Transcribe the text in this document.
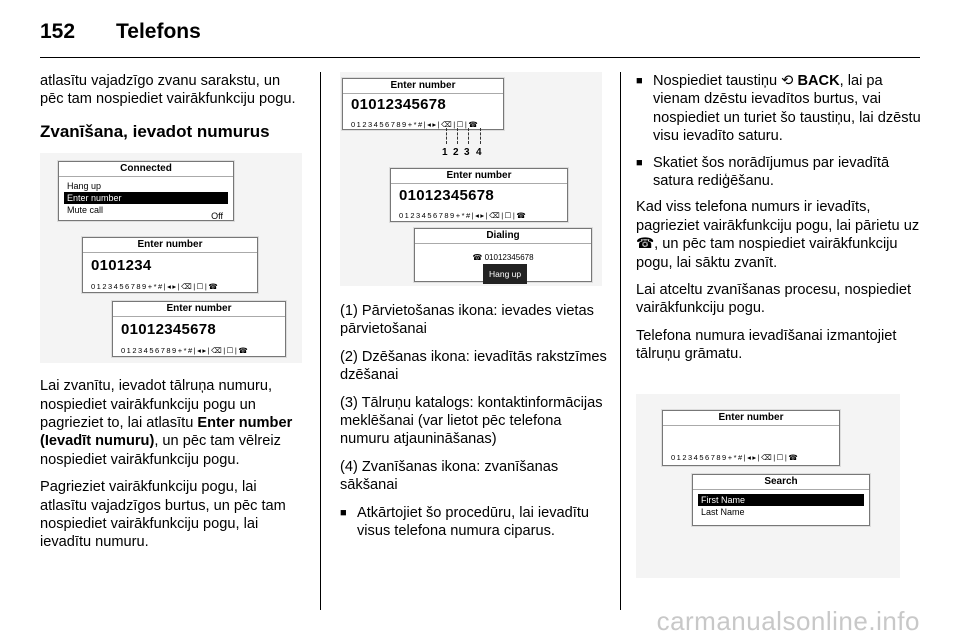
152 Telefons

atlasītu vajadzīgo zvanu sarakstu, un pēc tam nospiediet vairākfunkciju pogu.

Zvanīšana, ievadot numurus
Connected
Hang up
Enter number
Mute call
Off
Enter number
0101234
0123456789+*#|◂▸|⌫|☐|☎
Enter number
01012345678
0123456789+*#|◂▸|⌫|☐|☎

Lai zvanītu, ievadot tālruņa numuru, nospiediet vairākfunkciju pogu un pagrieziet to, lai atlasītu Enter number (Ievadīt numuru), un pēc tam vēlreiz nospiediet vairākfunkciju pogu.

Pagrieziet vairākfunkciju pogu, lai atlasītu vajadzīgos burtus, un pēc tam nospiediet vairākfunkciju pogu, lai ievadītu numuru.

Enter number
01012345678
0123456789+*#|◂▸|⌫|☐|☎
1 2 3 4
Enter number
01012345678
0123456789+*#|◂▸|⌫|☐|☎
Dialing
☎ 01012345678
Hang up

(1) Pārvietošanas ikona: ievades vietas pārvietošanai

(2) Dzēšanas ikona: ievadītās rakstzīmes dzēšanai

(3) Tālruņu katalogs: kontaktinformācijas meklēšanai (var lietot pēc telefona numuru atjaunināšanas)

(4) Zvanīšanas ikona: zvanīšanas sākšanai

■ Atkārtojiet šo procedūru, lai ievadītu visus telefona numura ciparus.
■ Nospiediet taustiņu ⟲ BACK, lai pa vienam dzēstu ievadītos burtus, vai nospiediet un turiet šo taustiņu, lai dzēstu visu ievadīto saturu.
■ Skatiet šos norādījumus par ievadītā satura rediģēšanu.

Kad viss telefona numurs ir ievadīts, pagrieziet vairākfunkciju pogu, lai pārietu uz ☎, un pēc tam nospiediet vairākfunkciju pogu, lai sāktu zvanīt.

Lai atceltu zvanīšanas procesu, nospiediet vairākfunkciju pogu.

Telefona numura ievadīšanai izmantojiet tālruņu grāmatu.

Enter number
0123456789+*#|◂▸|⌫|☐|☎
Search
First Name
Last Name
carmanualsonline.info
